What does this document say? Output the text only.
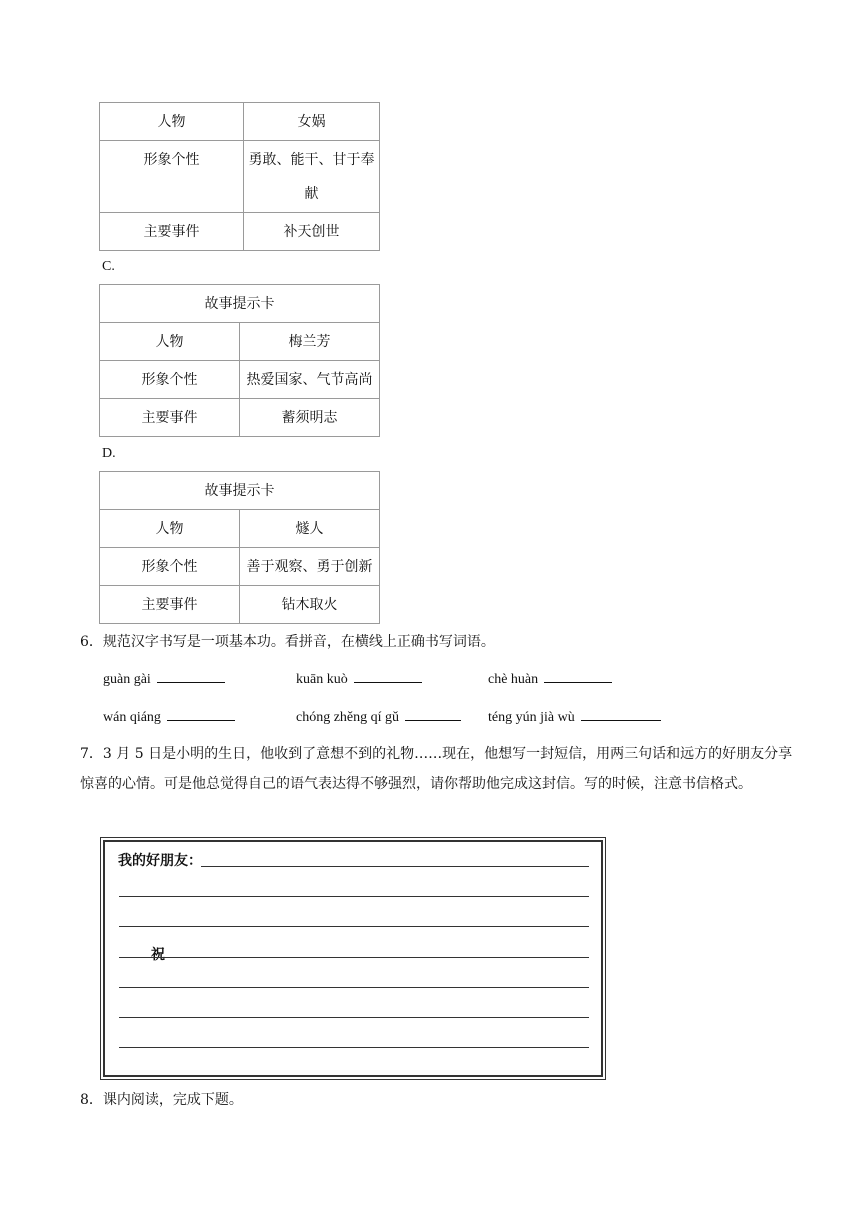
人物	女娲
形象个性	勇敢、能干、甘于奉献
主要事件	补天创世
C.
故事提示卡	
人物	梅兰芳
形象个性	热爱国家、气节高尚
主要事件	蓄须明志
D.
故事提示卡	
人物	燧人
形象个性	善于观察、勇于创新
主要事件	钻木取火
6．规范汉字书写是一项基本功。看拼音，在横线上正确书写词语。
guàn gài	kuān kuò	chè huàn
wán qiáng	chóng zhěng qí gǔ	téng yún jià wù
7．3 月 5 日是小明的生日，他收到了意想不到的礼物……现在，他想写一封短信，用两三句话和远方的好朋友分享惊喜的心情。可是他总觉得自己的语气表达得不够强烈，请你帮助他完成这封信。写的时候，注意书信格式。
我的好朋友：
祝
8．课内阅读，完成下题。
